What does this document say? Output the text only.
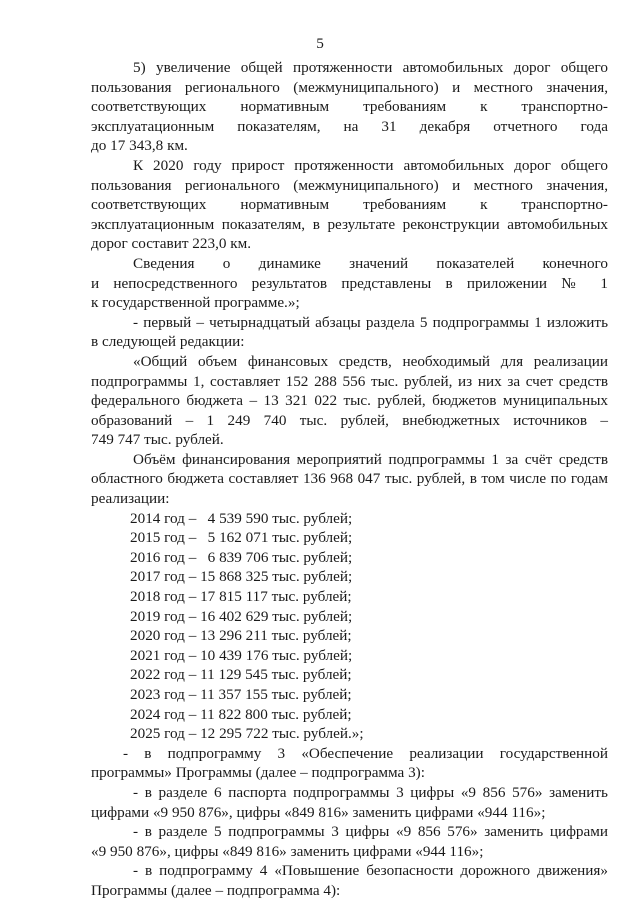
5

5) увеличение общей протяженности автомобильных дорог общего

пользования регионального (межмуниципального) и местного значения,

соответствующих нормативным требованиям к транспортно-

эксплуатационным показателям, на 31 декабря отчетного года

до 17 343,8 км.

К 2020 году прирост протяженности автомобильных дорог общего

пользования регионального (межмуниципального) и местного значения,

соответствующих нормативным требованиям к транспортно-

эксплуатационным показателям, в результате реконструкции автомобильных

дорог составит 223,0 км.

Сведения о динамике значений показателей конечного

и непосредственного результатов представлены в приложении № 1

к государственной программе.»;

- первый – четырнадцатый абзацы раздела 5 подпрограммы 1 изложить

в следующей редакции:

«Общий объем финансовых средств, необходимый для реализации

подпрограммы 1, составляет 152 288 556 тыс. рублей, из них за счет средств

федерального бюджета – 13 321 022 тыс. рублей, бюджетов муниципальных

образований – 1 249 740 тыс. рублей, внебюджетных источников –

749 747 тыс. рублей.

Объём финансирования мероприятий подпрограммы 1 за счёт средств

областного бюджета составляет 136 968 047 тыс. рублей, в том числе по годам

реализации:

2014 год –   4 539 590 тыс. рублей;

2015 год –   5 162 071 тыс. рублей;

2016 год –   6 839 706 тыс. рублей;

2017 год – 15 868 325 тыс. рублей;

2018 год – 17 815 117 тыс. рублей;

2019 год – 16 402 629 тыс. рублей;

2020 год – 13 296 211 тыс. рублей;

2021 год – 10 439 176 тыс. рублей;

2022 год – 11 129 545 тыс. рублей;

2023 год – 11 357 155 тыс. рублей;

2024 год – 11 822 800 тыс. рублей;

2025 год – 12 295 722 тыс. рублей.»;

- в подпрограмму 3 «Обеспечение реализации государственной

программы» Программы (далее – подпрограмма 3):

- в разделе 6 паспорта подпрограммы 3 цифры «9 856 576» заменить

цифрами «9 950 876», цифры «849 816» заменить цифрами «944 116»;

- в разделе 5 подпрограммы 3 цифры «9 856 576» заменить цифрами

«9 950 876», цифры «849 816» заменить цифрами «944 116»;

- в подпрограмму 4 «Повышение безопасности дорожного движения»

Программы (далее – подпрограмма 4):
